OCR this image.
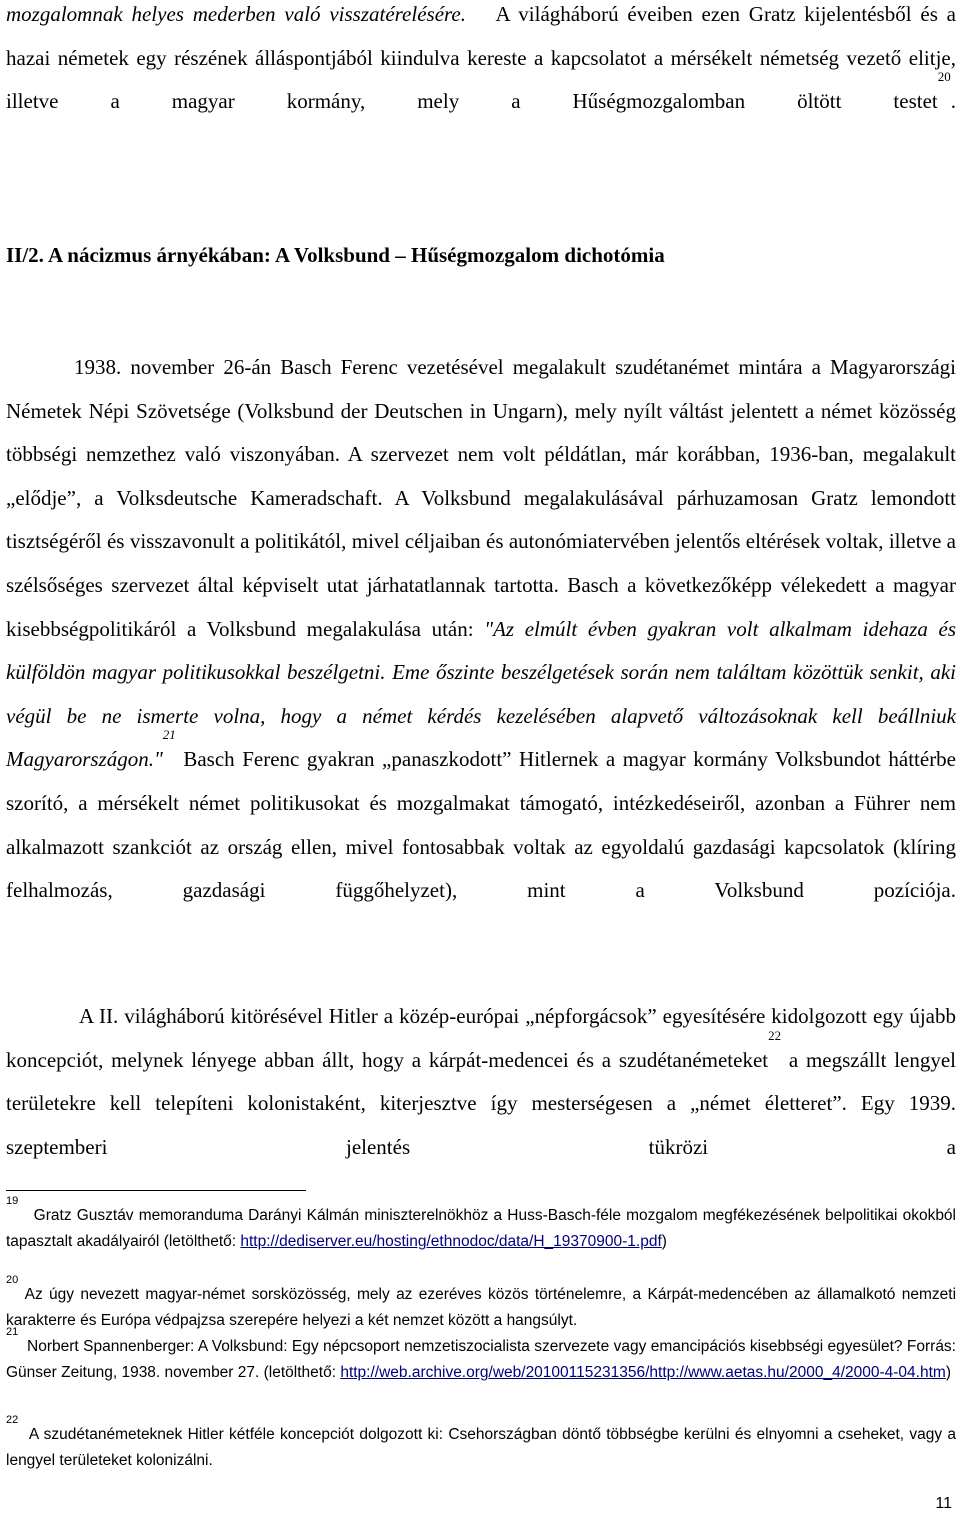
mozgalomnak helyes mederben való visszatérelésére. A világháború éveiben ezen Gratz kijelentésből és a hazai németek egy részének álláspontjából kiindulva kereste a kapcsolatot a mérsékelt németség vezető elitje, illetve a magyar kormány, mely a Hűségmozgalomban öltött testet$^{20}$.

II/2. A nácizmus árnyékában: A Volksbund – Hűségmozgalom dichotómia

1938. november 26-án Basch Ferenc vezetésével megalakult szudétanémet mintára a Magyarországi Németek Népi Szövetsége (Volksbund der Deutschen in Ungarn), mely nyílt váltást jelentett a német közösség többségi nemzethez való viszonyában. A szervezet nem volt példátlan, már korábban, 1936-ban, megalakult „elődje”, a Volksdeutsche Kameradschaft. A Volksbund megalakulásával párhuzamosan Gratz lemondott tisztségéről és visszavonult a politikától, mivel céljaiban és autonómiatervében jelentős eltérések voltak, illetve a szélsőséges szervezet által képviselt utat járhatatlannak tartotta. Basch a következőképp vélekedett a magyar kisebbségpolitikáról a Volksbund megalakulása után: "Az elmúlt évben gyakran volt alkalmam idehaza és külföldön magyar politikusokkal beszélgetni. Eme őszinte beszélgetések során nem találtam közöttük senkit, aki végül be ne ismerte volna, hogy a német kérdés kezelésében alapvető változásoknak kell beállniuk Magyarországon."$^{21}$ Basch Ferenc gyakran „panaszkodott” Hitlernek a magyar kormány Volksbundot háttérbe szorító, a mérsékelt német politikusokat és mozgalmakat támogató, intézkedéseiről, azonban a Führer nem alkalmazott szankciót az ország ellen, mivel fontosabbak voltak az egyoldalú gazdasági kapcsolatok (klíring felhalmozás, gazdasági függőhelyzet), mint a Volksbund pozíciója.

A II. világháború kitörésével Hitler a közép-európai „népforgácsok” egyesítésére kidolgozott egy újabb koncepciót, melynek lényege abban állt, hogy a kárpát-medencei és a szudétanémeteket$^{22}$ a megszállt lengyel területekre kell telepíteni kolonistaként, kiterjesztve így mesterségesen a „német életteret”. Egy 1939. szeptemberi jelentés tükrözi a

$^{19}$   Gratz Gusztáv memoranduma Darányi Kálmán miniszterelnökhöz a Huss-Basch-féle mozgalom megfékezésének belpolitikai okokból tapasztalt akadályairól (letölthető: http://dediserver.eu/hosting/ethnodoc/data/H_19370900-1.pdf)

$^{20}$ Az úgy nevezett magyar-német sorsközösség, mely az ezeréves közös történelemre, a Kárpát-medencében az államalkotó nemzeti karakterre és Európa védpajzsa szerepére helyezi a két nemzet között a hangsúlyt.

$^{21}$  Norbert Spannenberger: A Volksbund: Egy népcsoport nemzetiszocialista szervezete vagy emancipációs kisebbségi egyesület? Forrás: Günser Zeitung, 1938. november 27. (letölthető: http://web.archive.org/web/20100115231356/http://www.aetas.hu/2000_4/2000-4-04.htm)

$^{22}$  A szudétanémeteknek Hitler kétféle koncepciót dolgozott ki: Csehországban döntő többségbe kerülni és elnyomni a cseheket, vagy a lengyel területeket kolonizálni.

11
